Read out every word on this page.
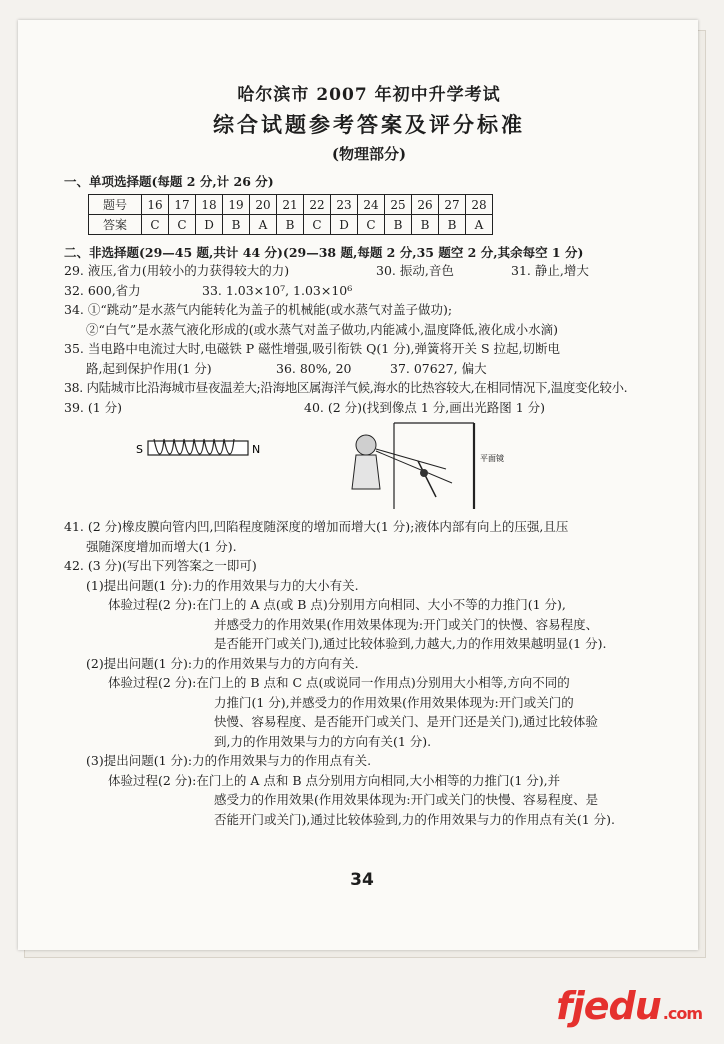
哈尔滨市 2007 年初中升学考试
综合试题参考答案及评分标准
(物理部分)
一、单项选择题(每题 2 分,计 26 分)
题号	16	17	18	19	20	21	22	23	24	25	26	27	28
答案	C	C	D	B	A	B	C	D	C	B	B	B	A
二、非选择题(29—45 题,共计 44 分)(29—38 题,每题 2 分,35 题空 2 分,其余每空 1 分)
29. 液压,省力(用较小的力获得较大的力)	30. 振动,音色	31. 静止,增大
32. 600,省力	33. 1.03×10⁷, 1.03×10⁶
34. ①“跳动”是水蒸气内能转化为盖子的机械能(或水蒸气对盖子做功);
②“白气”是水蒸气液化形成的(或水蒸气对盖子做功,内能减小,温度降低,液化成小水滴)
35. 当电路中电流过大时,电磁铁 P 磁性增强,吸引衔铁 Q(1 分),弹簧将开关 S 拉起,切断电
路,起到保护作用(1 分)	36. 80%, 20	37. 07627, 偏大
38. 内陆城市比沿海城市昼夜温差大;沿海地区属海洋气候,海水的比热容较大,在相同情况下,温度变化较小.
39. (1 分)	40. (2 分)(找到像点 1 分,画出光路图 1 分)
S	N
平面镜
41. (2 分)橡皮膜向管内凹,凹陷程度随深度的增加而增大(1 分);液体内部有向上的压强,且压
强随深度增加而增大(1 分).
42. (3 分)(写出下列答案之一即可)
(1)提出问题(1 分):力的作用效果与力的大小有关.
体验过程(2 分):在门上的 A 点(或 B 点)分别用方向相同、大小不等的力推门(1 分),
并感受力的作用效果(作用效果体现为:开门或关门的快慢、容易程度、
是否能开门或关门),通过比较体验到,力越大,力的作用效果越明显(1 分).
(2)提出问题(1 分):力的作用效果与力的方向有关.
体验过程(2 分):在门上的 B 点和 C 点(或说同一作用点)分别用大小相等,方向不同的
力推门(1 分),并感受力的作用效果(作用效果体现为:开门或关门的
快慢、容易程度、是否能开门或关门、是开门还是关门),通过比较体验
到,力的作用效果与力的方向有关(1 分).
(3)提出问题(1 分):力的作用效果与力的作用点有关.
体验过程(2 分):在门上的 A 点和 B 点分别用方向相同,大小相等的力推门(1 分),并
感受力的作用效果(作用效果体现为:开门或关门的快慢、容易程度、是
否能开门或关门),通过比较体验到,力的作用效果与力的作用点有关(1 分).
34
fjedu .com
